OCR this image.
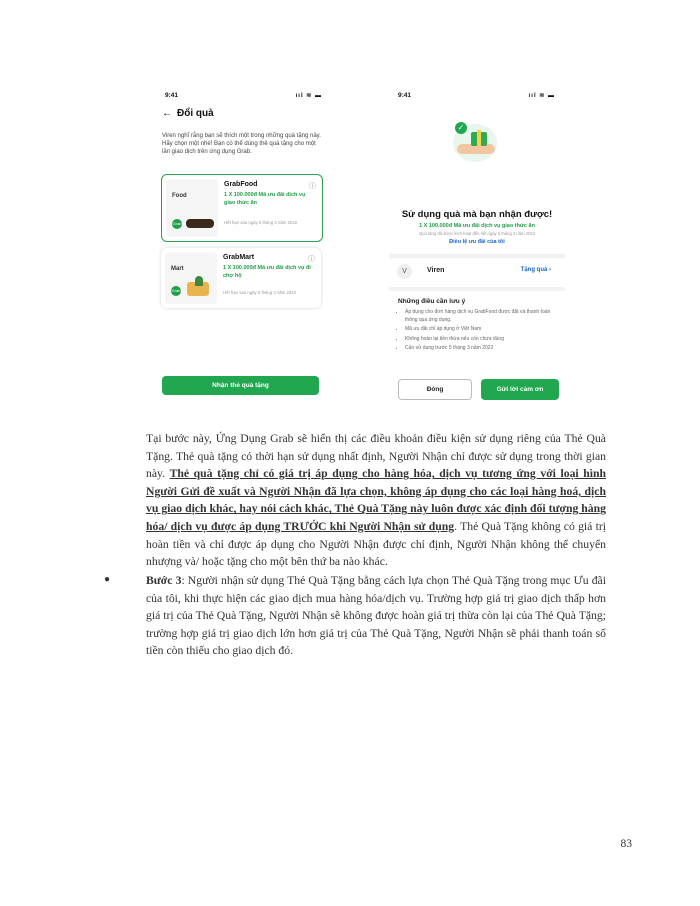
9:41	ııl ≋ ▬
← Đổi quà
Viren nghĩ rằng bạn sẽ thích một trong những quà tặng này. Hãy chọn một nhé! Bạn có thể dùng thẻ quà tặng cho một lần giao dịch trên ứng dụng Grab.
Food
Grab
GrabFood	ⓘ
1 X 100.000đ Mã ưu đãi dịch vụ giao thức ăn
Hết hạn sau ngày 5 tháng 3 năm 2022
Mart
Grab
GrabMart	ⓘ
1 X 100.000đ Mã ưu đãi dịch vụ đi chợ hộ
Hết hạn sau ngày 5 tháng 3 năm 2022
Nhận thẻ quà tặng
9:41	ııl ≋ ▬
✓
Sử dụng quà mà bạn nhận được!
1 X 100.000đ Mã ưu đãi dịch vụ giao thức ăn
Quà tặng đã được kích hoạt đến hết ngày 5 tháng 3 năm 2022
Điều lệ ưu đãi của tôi
V	Viren	Tặng quà ›
Những điều cần lưu ý
• Áp dụng cho đơn hàng dịch vụ GrabFood được đặt và thanh toán thông qua ứng dụng.
• Mã ưu đãi chỉ áp dụng ở Việt Nam
• Không hoàn lại tiền thừa nếu còn chưa dùng
• Cần sử dụng trước 5 tháng 3 năm 2022
Đóng	Gửi lời cảm ơn
Tại bước này, Ứng Dụng Grab sẽ hiển thị các điều khoản điều kiện sử dụng riêng của Thẻ Quà Tặng. Thẻ quà tặng có thời hạn sử dụng nhất định, Người Nhận chỉ được sử dụng trong thời gian này. Thẻ quà tặng chỉ có giá trị áp dụng cho hàng hóa, dịch vụ tương ứng với loại hình Người Gửi đề xuất và Người Nhận đã lựa chọn, không áp dụng cho các loại hàng hoá, dịch vụ giao dịch khác, hay nói cách khác, Thẻ Quà Tặng này luôn được xác định đối tượng hàng hóa/ dịch vụ được áp dụng TRƯỚC khi Người Nhận sử dụng. Thẻ Quà Tặng không có giá trị hoàn tiền và chỉ được áp dụng cho Người Nhận được chỉ định, Người Nhận không thể chuyển nhượng và/ hoặc tặng cho một bên thứ ba nào khác.
●	Bước 3: Người nhận sử dụng Thẻ Quà Tặng bằng cách lựa chọn Thẻ Quà Tặng trong mục Ưu đãi của tôi, khi thực hiện các giao dịch mua hàng hóa/dịch vụ. Trường hợp giá trị giao dịch thấp hơn giá trị của Thẻ Quà Tặng, Người Nhận sẽ không được hoàn giá trị thừa còn lại của Thẻ Quà Tặng; trường hợp giá trị giao dịch lớn hơn giá trị của Thẻ Quà Tặng, Người Nhận sẽ phải thanh toán số tiền còn thiếu cho giao dịch đó.
83
